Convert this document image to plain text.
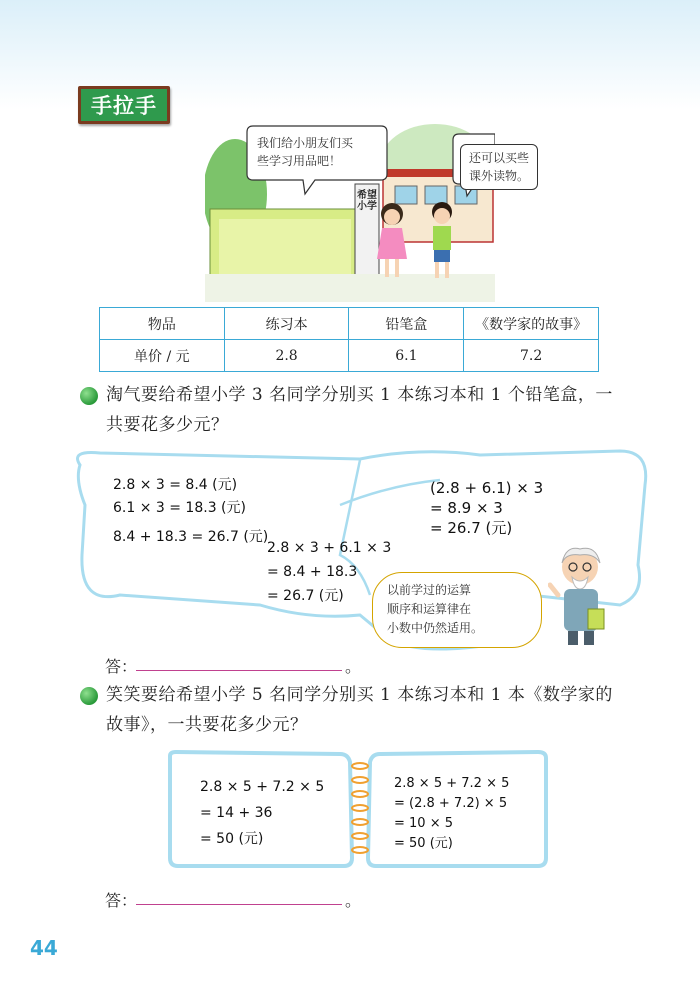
手拉手
我们给小朋友们买
些学习用品吧！
希望小学
还可以买些
课外读物。
物品	练习本	铅笔盒	《数学家的故事》
单价 / 元	2.8	6.1	7.2
淘气要给希望小学 3 名同学分别买 1 本练习本和 1 个铅笔盒，一
共要花多少元？
2.8 × 3 = 8.4 (元)
6.1 × 3 = 18.3 (元)
8.4 + 18.3 = 26.7 (元)
(2.8 + 6.1) × 3
= 8.9 × 3
= 26.7 (元)
2.8 × 3 + 6.1 × 3
= 8.4 + 18.3
= 26.7 (元)	以前学过的运算
顺序和运算律在
小数中仍然适用。
答：	。
笑笑要给希望小学 5 名同学分别买 1 本练习本和 1 本《数学家的
故事》，一共要花多少元？
2.8 × 5 + 7.2 × 5
= 14 + 36
= 50 (元)
2.8 × 5 + 7.2 × 5
= (2.8 + 7.2) × 5
= 10 × 5
= 50 (元)
答：	。
44
